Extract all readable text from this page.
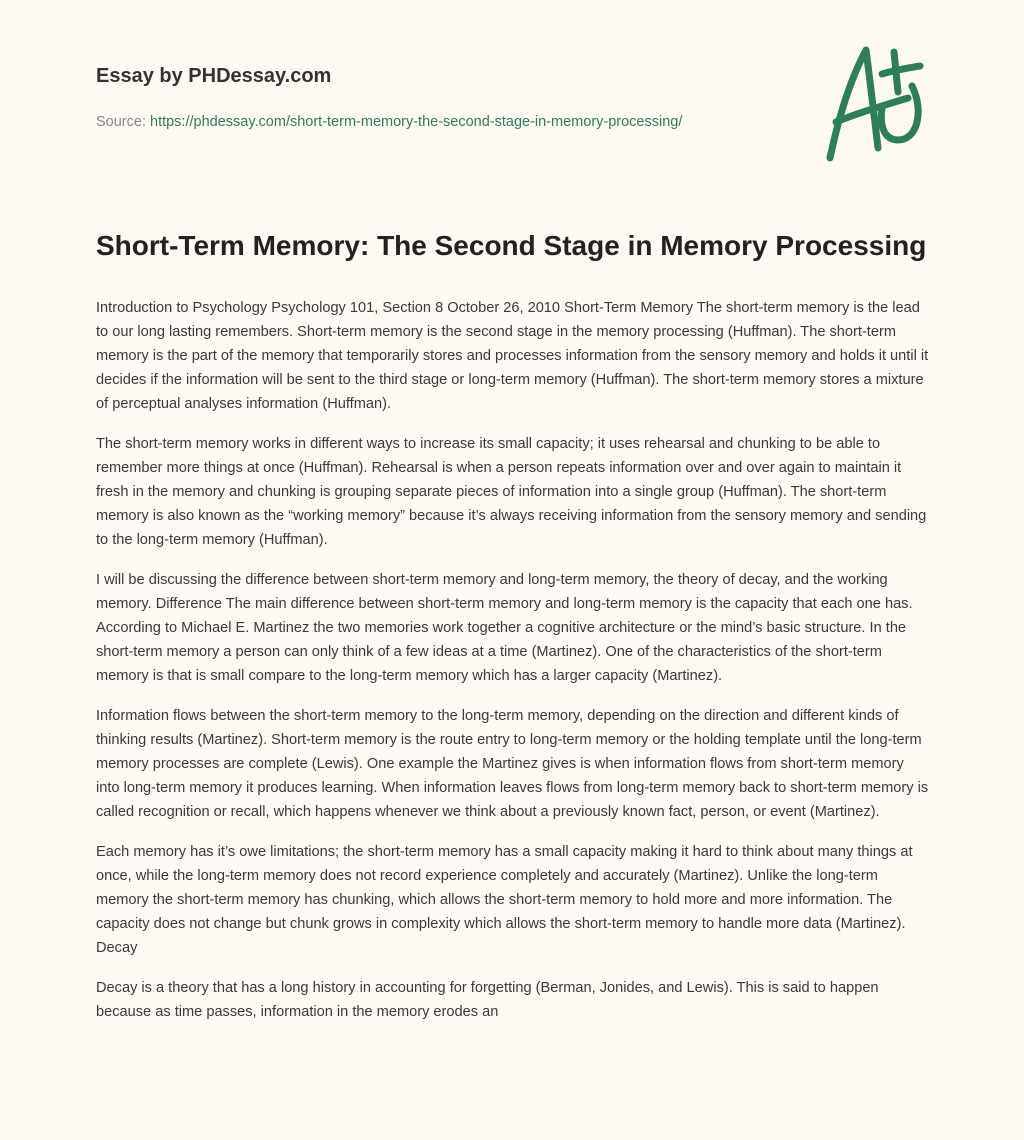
Essay by PHDessay.com
Source: https://phdessay.com/short-term-memory-the-second-stage-in-memory-processing/
Short-Term Memory: The Second Stage in Memory Processing

Introduction to Psychology Psychology 101, Section 8 October 26, 2010 Short-Term Memory The short-term memory is the lead to our long lasting remembers. Short-term memory is the second stage in the memory processing (Huffman). The short-term memory is the part of the memory that temporarily stores and processes information from the sensory memory and holds it until it decides if the information will be sent to the third stage or long-term memory (Huffman). The short-term memory stores a mixture of perceptual analyses information (Huffman).

The short-term memory works in different ways to increase its small capacity; it uses rehearsal and chunking to be able to remember more things at once (Huffman). Rehearsal is when a person repeats information over and over again to maintain it fresh in the memory and chunking is grouping separate pieces of information into a single group (Huffman). The short-term memory is also known as the “working memory” because it’s always receiving information from the sensory memory and sending to the long-term memory (Huffman).

I will be discussing the difference between short-term memory and long-term memory, the theory of decay, and the working memory. Difference The main difference between short-term memory and long-term memory is the capacity that each one has. According to Michael E. Martinez the two memories work together a cognitive architecture or the mind’s basic structure. In the short-term memory a person can only think of a few ideas at a time (Martinez). One of the characteristics of the short-term memory is that is small compare to the long-term memory which has a larger capacity (Martinez).

Information flows between the short-term memory to the long-term memory, depending on the direction and different kinds of thinking results (Martinez). Short-term memory is the route entry to long-term memory or the holding template until the long-term memory processes are complete (Lewis). One example the Martinez gives is when information flows from short-term memory into long-term memory it produces learning. When information leaves flows from long-term memory back to short-term memory is called recognition or recall, which happens whenever we think about a previously known fact, person, or event (Martinez).

Each memory has it’s owe limitations; the short-term memory has a small capacity making it hard to think about many things at once, while the long-term memory does not record experience completely and accurately (Martinez). Unlike the long-term memory the short-term memory has chunking, which allows the short-term memory to hold more and more information. The capacity does not change but chunk grows in complexity which allows the short-term memory to handle more data (Martinez). Decay

Decay is a theory that has a long history in accounting for forgetting (Berman, Jonides, and Lewis). This is said to happen because as time passes, information in the memory erodes an
